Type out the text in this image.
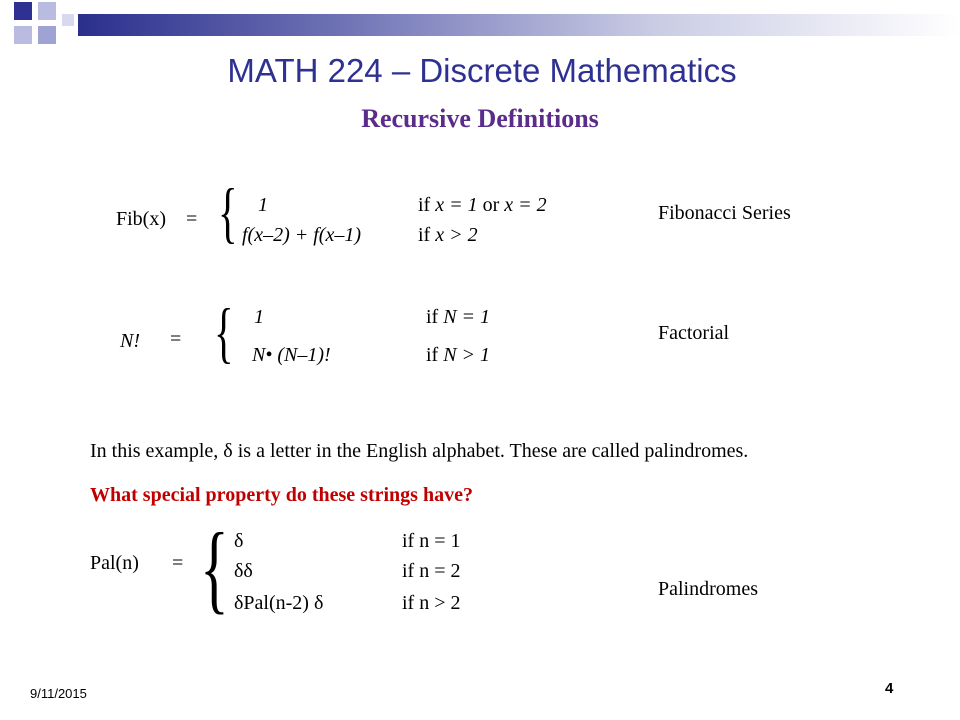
MATH 224 – Discrete Mathematics
Recursive Definitions
Fib(x) = { 1	if x = 1 or x = 2
f(x–2) + f(x–1)	if x > 2
Fibonacci Series
N! = { 1	if N = 1
N• (N–1)!	if N > 1
Factorial
In this example, δ is a letter in the English alphabet. These are called palindromes.
What special property do these strings have?
Pal(n) = { δ	if n = 1
δδ	if n = 2
δPal(n-2) δ	if n > 2
Palindromes
9/11/2015	4
